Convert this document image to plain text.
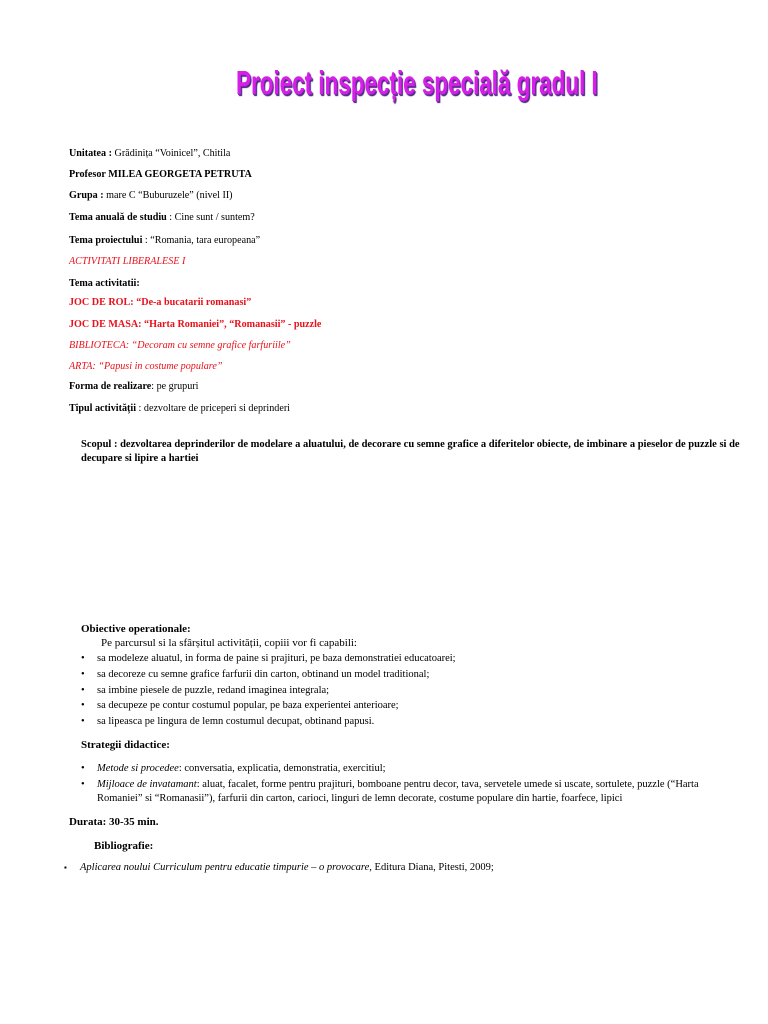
Proiect inspecție specială gradul I
Unitatea : Grădinița “Voinicel”, Chitila
Profesor MILEA GEORGETA PETRUTA
Grupa : mare C “Buburuzele” (nivel II)
Tema anuală de studiu : Cine sunt / suntem?
Tema proiectului : “Romania, tara europeana”
ACTIVITATI LIBERALESE I
Tema activitatii:
JOC DE ROL: “De-a bucatarii romanasi”
JOC DE MASA: “Harta Romaniei”, “Romanasii” - puzzle
BIBLIOTECA: “Decoram cu semne grafice farfuriile”
ARTA: “Papusi in costume populare”
Forma de realizare: pe grupuri
Tipul activității : dezvoltare de priceperi si deprinderi
Scopul : dezvoltarea deprinderilor de modelare a aluatului, de decorare cu semne grafice a diferitelor obiecte, de imbinare a pieselor de puzzle si de decupare si lipire a hartiei
Obiective operationale:
Pe parcursul si la sfârșitul activității, copiii vor fi capabili:
• sa modeleze aluatul, in forma de paine si prajituri, pe baza demonstratiei educatoarei;
• sa decoreze cu semne grafice farfurii din carton, obtinand un model traditional;
• sa imbine piesele de puzzle, redand imaginea integrala;
• sa decupeze pe contur costumul popular, pe baza experientei anterioare;
• sa lipeasca pe lingura de lemn costumul decupat, obtinand papusi.
Strategii didactice:
• Metode si procedee: conversatia, explicatia, demonstratia, exercitiul;
• Mijloace de invatamant: aluat, facalet, forme pentru prajituri, bomboane pentru decor, tava, servetele umede si uscate, sortulete, puzzle (“Harta Romaniei” si “Romanasii”), farfurii din carton, carioci, linguri de lemn decorate, costume populare din hartie, foarfece, lipici
Durata: 30-35 min.
Bibliografie:
▪ Aplicarea noului Curriculum pentru educatie timpurie – o provocare, Editura Diana, Pitesti, 2009;
